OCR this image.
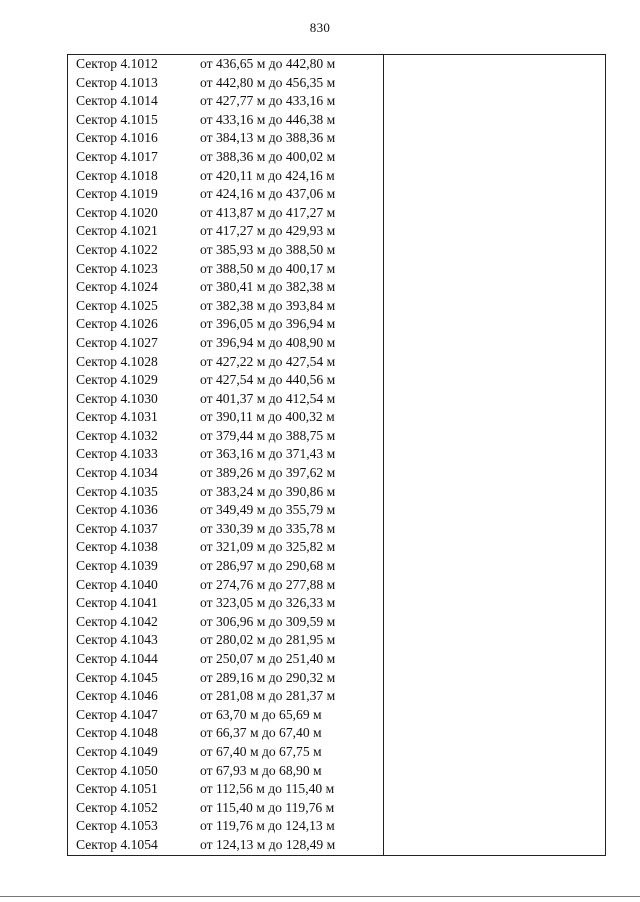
830
Сектор 4.1012 от 436,65 м до 442,80 м	
Сектор 4.1013 от 442,80 м до 456,35 м	
Сектор 4.1014 от 427,77 м до 433,16 м	
Сектор 4.1015 от 433,16 м до 446,38 м	
Сектор 4.1016 от 384,13 м до 388,36 м	
Сектор 4.1017 от 388,36 м до 400,02 м	
Сектор 4.1018 от 420,11 м до 424,16 м	
Сектор 4.1019 от 424,16 м до 437,06 м	
Сектор 4.1020 от 413,87 м до 417,27 м	
Сектор 4.1021 от 417,27 м до 429,93 м	
Сектор 4.1022 от 385,93 м до 388,50 м	
Сектор 4.1023 от 388,50 м до 400,17 м	
Сектор 4.1024 от 380,41 м до 382,38 м	
Сектор 4.1025 от 382,38 м до 393,84 м	
Сектор 4.1026 от 396,05 м до 396,94 м	
Сектор 4.1027 от 396,94 м до 408,90 м	
Сектор 4.1028 от 427,22 м до 427,54 м	
Сектор 4.1029 от 427,54 м до 440,56 м	
Сектор 4.1030 от 401,37 м до 412,54 м	
Сектор 4.1031 от 390,11 м до 400,32 м	
Сектор 4.1032 от 379,44 м до 388,75 м	
Сектор 4.1033 от 363,16 м до 371,43 м	
Сектор 4.1034 от 389,26 м до 397,62 м	
Сектор 4.1035 от 383,24 м до 390,86 м	
Сектор 4.1036 от 349,49 м до 355,79 м	
Сектор 4.1037 от 330,39 м до 335,78 м	
Сектор 4.1038 от 321,09 м до 325,82 м	
Сектор 4.1039 от 286,97 м до 290,68 м	
Сектор 4.1040 от 274,76 м до 277,88 м	
Сектор 4.1041 от 323,05 м до 326,33 м	
Сектор 4.1042 от 306,96 м до 309,59 м	
Сектор 4.1043 от 280,02 м до 281,95 м	
Сектор 4.1044 от 250,07 м до 251,40 м	
Сектор 4.1045 от 289,16 м до 290,32 м	
Сектор 4.1046 от 281,08 м до 281,37 м	
Сектор 4.1047 от 63,70 м до 65,69 м	
Сектор 4.1048 от 66,37 м до 67,40 м	
Сектор 4.1049 от 67,40 м до 67,75 м	
Сектор 4.1050 от 67,93 м до 68,90 м	
Сектор 4.1051 от 112,56 м до 115,40 м	
Сектор 4.1052 от 115,40 м до 119,76 м	
Сектор 4.1053 от 119,76 м до 124,13 м	
Сектор 4.1054 от 124,13 м до 128,49 м	
